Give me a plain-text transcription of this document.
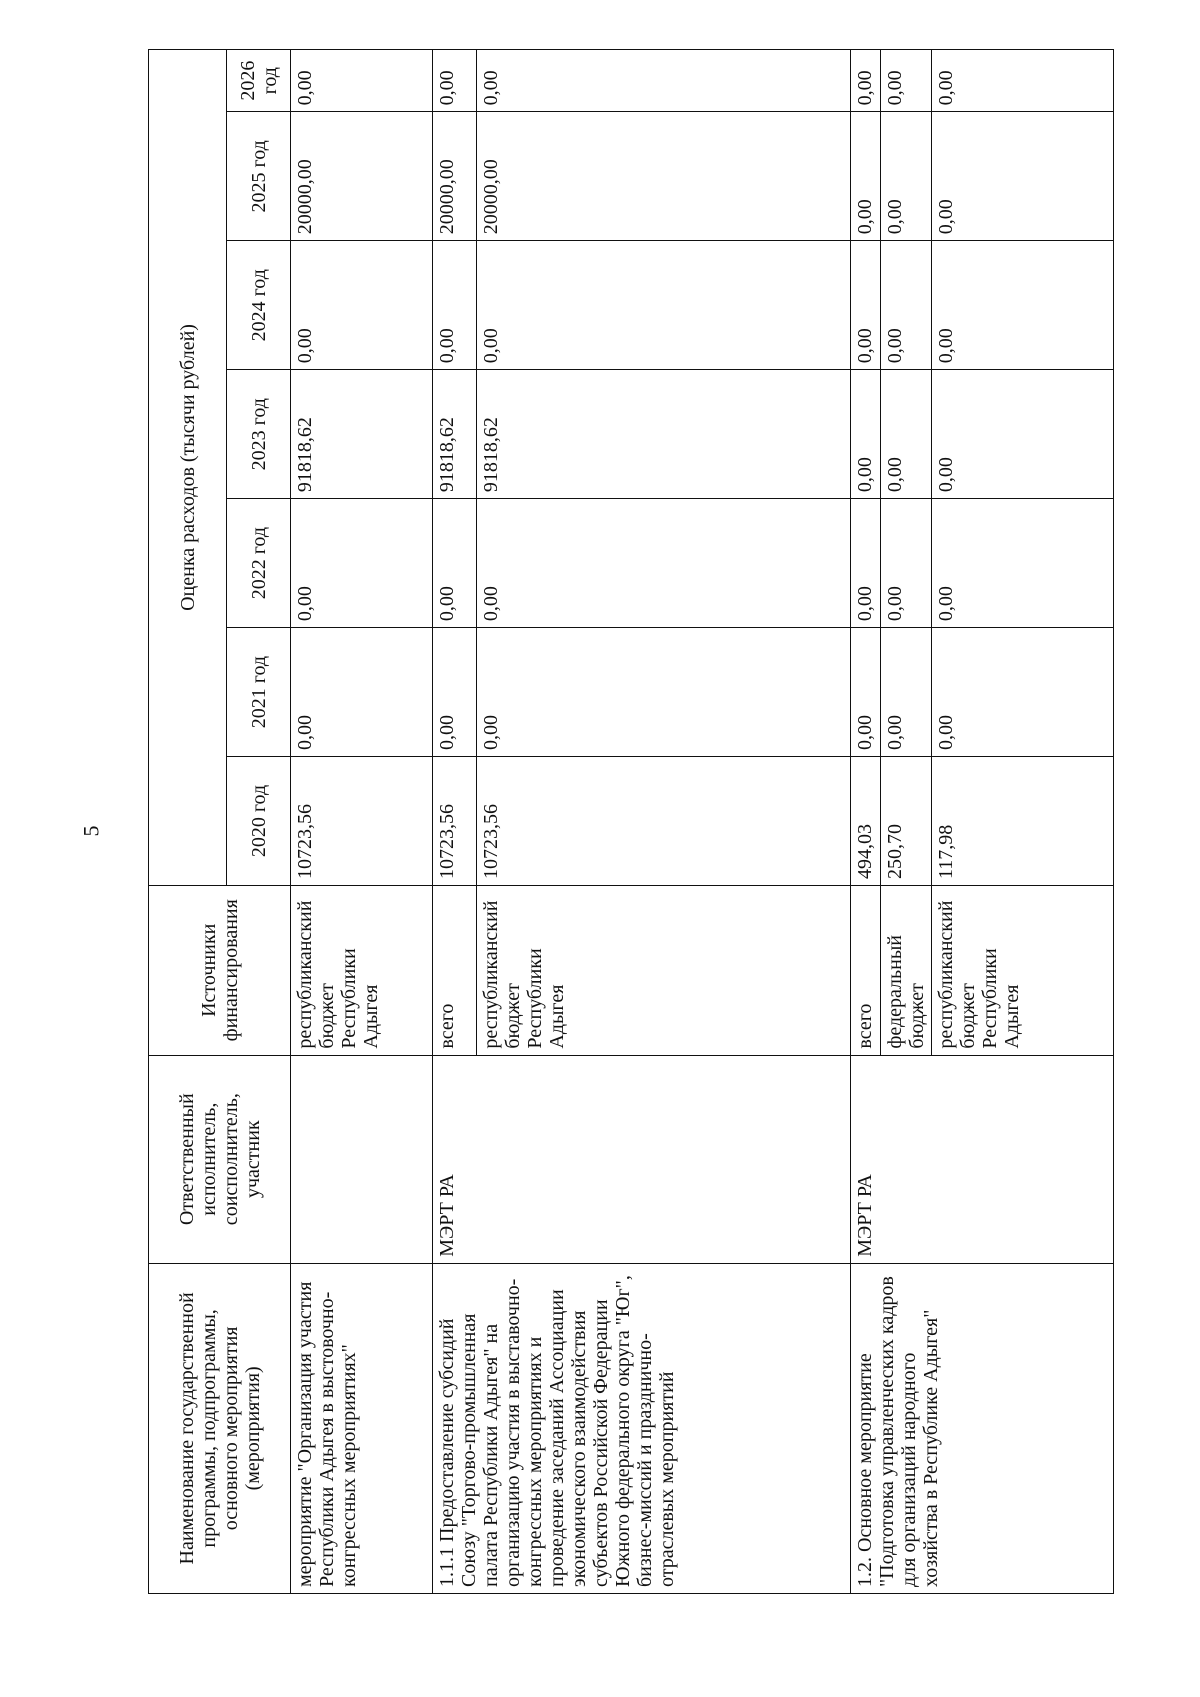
5
Наименование государственной программы, подпрограммы, основного мероприятия (мероприятия)	Ответственный исполнитель, соисполнитель, участник	Источники финансирования	Оценка расходов (тысячи рублей)						
			2020 год	2021 год	2022 год	2023 год	2024 год	2025 год	2026 год
мероприятие "Организация участия Республики Адыгея в выстовочно-конгрессных мероприятиях"		республиканский бюджет Республики Адыгея	10723,56	0,00	0,00	91818,62	0,00	20000,00	0,00
1.1.1 Предоставление субсидий Союзу "Торгово-промышленная палата Республики Адыгея" на организацию участия в выставочно-конгрессных мероприятиях и проведение заседаний Ассоциации экономического взаимодействия субъектов Российской Федерации Южного федерального округа "Юг", бизнес-миссий и празднично-отраслевых мероприятий	МЭРТ РА	всего	10723,56	0,00	0,00	91818,62	0,00	20000,00	0,00
		республиканский бюджет Республики Адыгея	10723,56	0,00	0,00	91818,62	0,00	20000,00	0,00
1.2. Основное мероприятие "Подготовка управленческих кадров для организаций народного хозяйства в Республике Адыгея"	МЭРТ РА	всего	494,03	0,00	0,00	0,00	0,00	0,00	0,00
		федеральный бюджет	250,70	0,00	0,00	0,00	0,00	0,00	0,00
		республиканский бюджет Республики Адыгея	117,98	0,00	0,00	0,00	0,00	0,00	0,00
